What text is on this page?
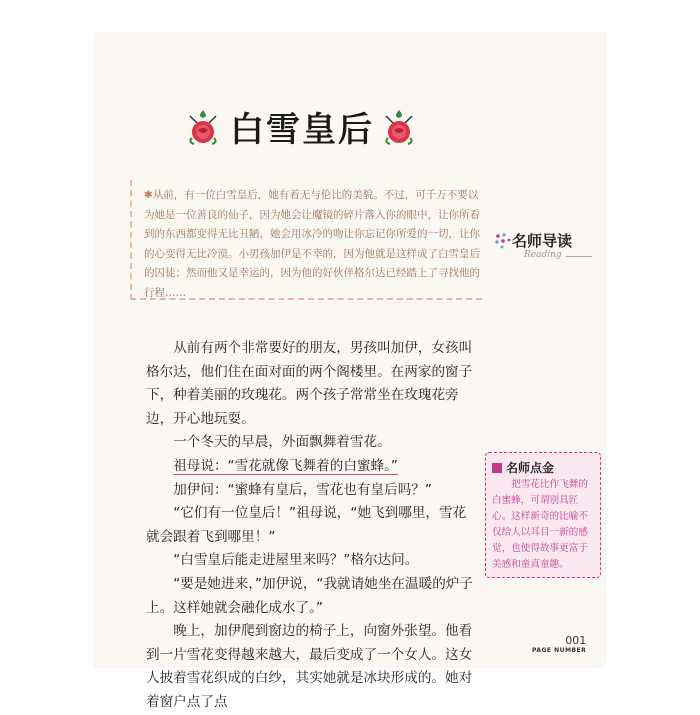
白雪皇后
✱从前，有一位白雪皇后，她有着无与伦比的美貌。不过，可千万不要以为她是一位善良的仙子，因为她会让魔镜的碎片落入你的眼中，让你所看到的东西都变得无比丑陋，她会用冰冷的吻让你忘记你所爱的一切，让你的心变得无比冷漠。小男孩加伊是不幸的，因为他就是这样成了白雪皇后的囚徒；然而他又是幸运的，因为他的好伙伴格尔达已经踏上了寻找他的行程……
名师导读
Reading

从前有两个非常要好的朋友，男孩叫加伊，女孩叫格尔达，他们住在面对面的两个阁楼里。在两家的窗子下，种着美丽的玫瑰花。两个孩子常常坐在玫瑰花旁边，开心地玩耍。

一个冬天的早晨，外面飘舞着雪花。

祖母说：“雪花就像飞舞着的白蜜蜂。”

加伊问：“蜜蜂有皇后，雪花也有皇后吗？”

“它们有一位皇后！”祖母说，“她飞到哪里，雪花就会跟着飞到哪里！”

“白雪皇后能走进屋里来吗？”格尔达问。

“要是她进来，”加伊说，“我就请她坐在温暖的炉子上。这样她就会融化成水了。”

晚上，加伊爬到窗边的椅子上，向窗外张望。他看到一片雪花变得越来越大，最后变成了一个女人。这女人披着雪花织成的白纱，其实她就是冰块形成的。她对着窗户点了点

名师点金
把雪花比作飞舞的白蜜蜂，可谓别具匠心。这样新奇的比喻不仅给人以耳目一新的感觉，也使得故事更富于美感和童真童趣。
001
PAGE NUMBER
